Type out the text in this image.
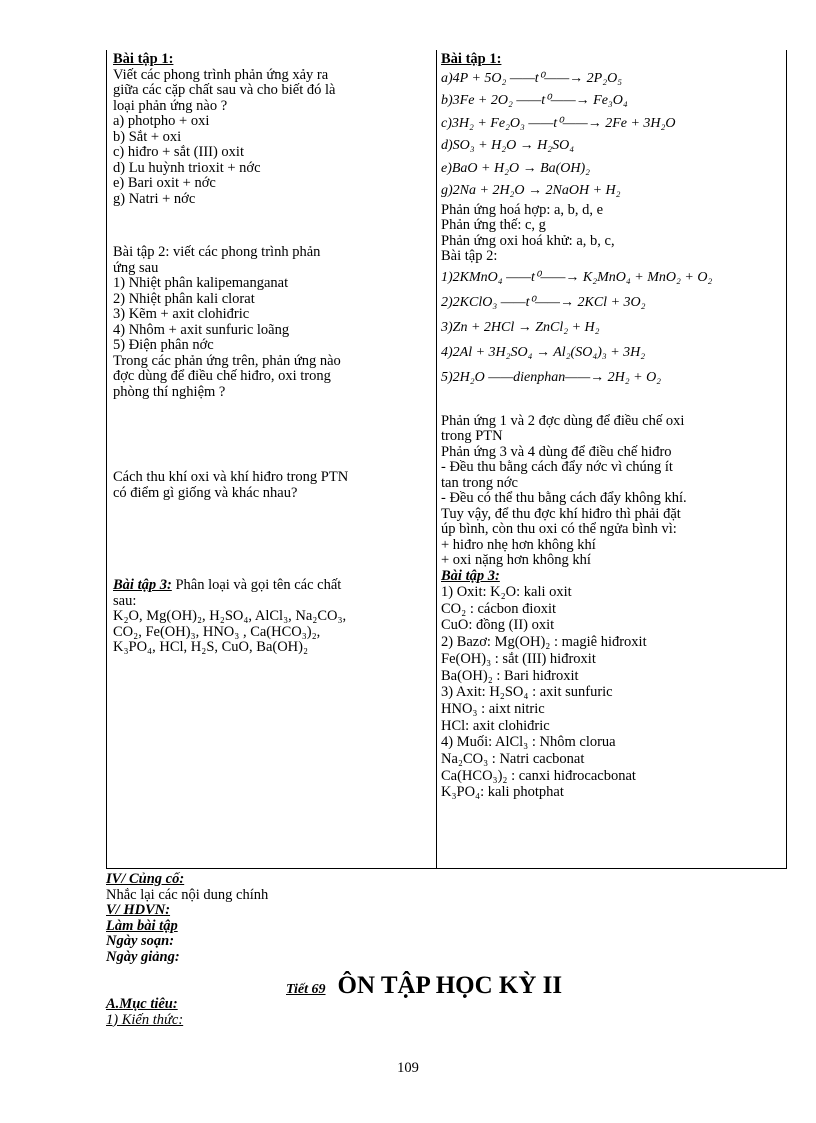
Bài tập 1:
Viết các phong trình phản ứng xảy ra
giữa các cặp chất sau và cho biết đó là
loại phản ứng nào ?
a) photpho + oxi
b) Sắt + oxi
c) hiđro + sắt (III) oxit
d) Lu huỳnh trioxit + nớc
e) Bari oxit + nớc
g) Natri + nớc
Bài tập 2: viết các phong trình phản
ứng sau
1) Nhiệt phân kalipemanganat
2) Nhiệt phân kali clorat
3) Kẽm + axit clohiđric
4) Nhôm + axit sunfuric loãng
5) Điện phân nớc
Trong các phản ứng trên, phản ứng nào
đợc dùng để điều chế hiđro, oxi trong
phòng thí nghiệm ?
Cách thu khí oxi và khí hiđro trong PTN
có điểm gì giống và khác nhau?
Bài tập 3: Phân loại và gọi tên các chất
sau:
K₂O, Mg(OH)₂, H₂SO₄, AlCl₃, Na₂CO₃,
CO₂, Fe(OH)₃, HNO₃ , Ca(HCO₃)₂,
K₃PO₄, HCl, H₂S, CuO, Ba(OH)₂
Bài tập 1:
a)4P + 5O₂ ——t⁰——→ 2P₂O₅
b)3Fe + 2O₂ ——t⁰——→ Fe₃O₄
c)3H₂ + Fe₂O₃ ——t⁰——→ 2Fe + 3H₂O
d)SO₃ + H₂O → H₂SO₄
e)BaO + H₂O → Ba(OH)₂
g)2Na + 2H₂O → 2NaOH + H₂
Phản ứng hoá hợp: a, b, d, e
Phản ứng thế: c, g
Phản ứng oxi hoá khử: a, b, c,
Bài tập 2:
1)2KMnO₄ ——t⁰——→ K₂MnO₄ + MnO₂ + O₂
2)2KClO₃ ——t⁰——→ 2KCl + 3O₂
3)Zn + 2HCl → ZnCl₂ + H₂
4)2Al + 3H₂SO₄ → Al₂(SO₄)₃ + 3H₂
5)2H₂O ——dienphan——→ 2H₂ + O₂
Phản ứng 1 và 2 đợc dùng để điều chế oxi
trong PTN
Phản ứng 3 và 4 dùng để điều chế hiđro
- Đều thu bằng cách đẩy nớc vì chúng ít
tan trong nớc
- Đều có thể thu bằng cách đẩy không khí.
Tuy vậy, để thu đợc khí hiđro thì phải đặt
úp bình, còn thu oxi có thể ngửa bình vì:
+ hiđro nhẹ hơn không khí
+ oxi nặng hơn không khí
Bài tập 3:
1) Oxit: K₂O: kali oxit
CO₂ : cácbon đioxit
CuO: đồng (II) oxit
2) Bazơ: Mg(OH)₂ : magiê hiđroxit
Fe(OH)₃ : sắt (III) hiđroxit
Ba(OH)₂ : Bari hiđroxit
3) Axit: H₂SO₄ : axit sunfuric
HNO₃ : aixt nitric
HCl: axit clohiđric
4) Muối: AlCl₃ : Nhôm clorua
Na₂CO₃ : Natri cacbonat
Ca(HCO₃)₂ : canxi hiđrocacbonat
K₃PO₄: kali photphat
IV/ Củng cố:
Nhắc lại các nội dung chính
V/ HDVN:
Làm bài tập
Ngày soạn:
Ngày giảng:
Tiết 69 ÔN TẬP HỌC KỲ II
A.Mục tiêu:
1) Kiến thức:
109
